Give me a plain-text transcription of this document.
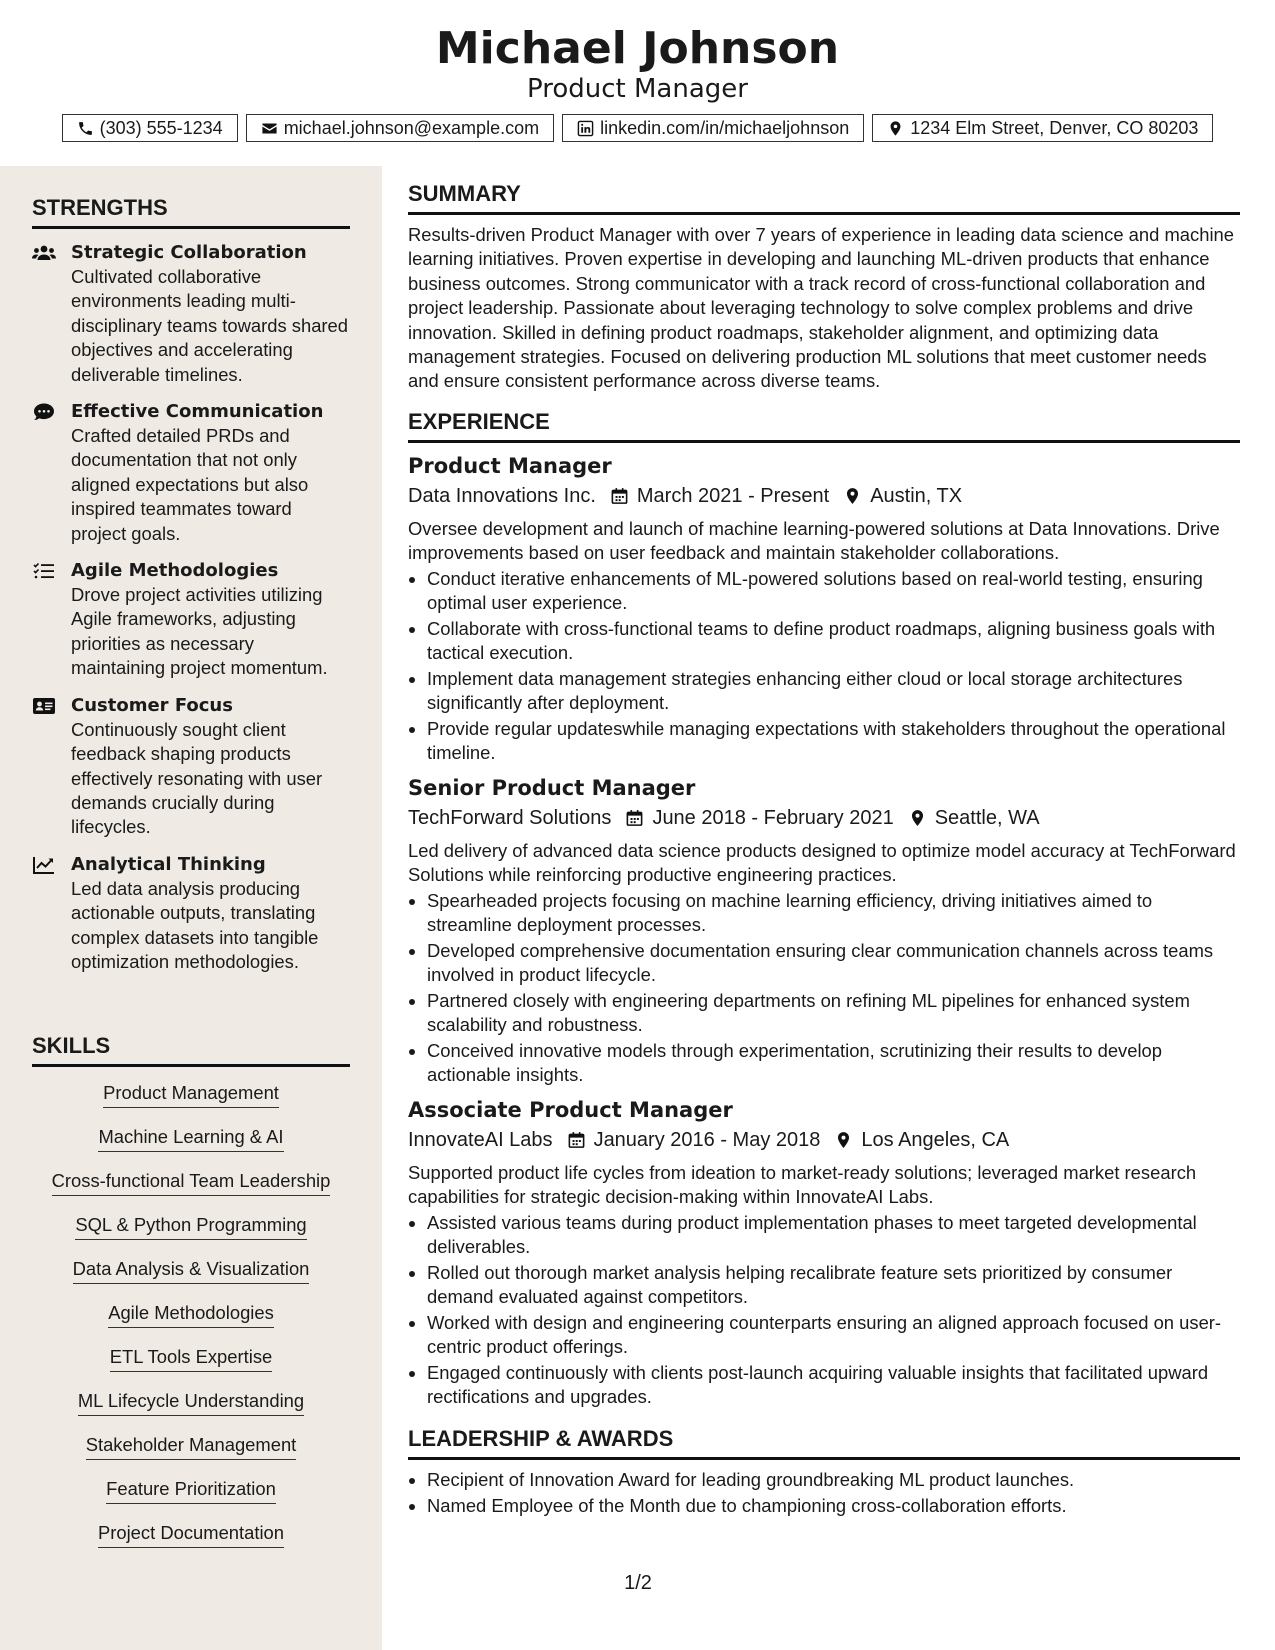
Michael Johnson
Product Manager
(303) 555-1234	michael.johnson@example.com	linkedin.com/in/michaeljohnson	1234 Elm Street, Denver, CO 80203
STRENGTHS
Strategic Collaboration
Cultivated collaborative environments leading multi-disciplinary teams towards shared objectives and accelerating deliverable timelines.
Effective Communication
Crafted detailed PRDs and documentation that not only aligned expectations but also inspired teammates toward project goals.
Agile Methodologies
Drove project activities utilizing Agile frameworks, adjusting priorities as necessary maintaining project momentum.
Customer Focus
Continuously sought client feedback shaping products effectively resonating with user demands crucially during lifecycles.
Analytical Thinking
Led data analysis producing actionable outputs, translating complex datasets into tangible optimization methodologies.
SKILLS
Product Management
Machine Learning & AI
Cross-functional Team Leadership
SQL & Python Programming
Data Analysis & Visualization
Agile Methodologies
ETL Tools Expertise
ML Lifecycle Understanding
Stakeholder Management
Feature Prioritization
Project Documentation
SUMMARY
Results-driven Product Manager with over 7 years of experience in leading data science and machine learning initiatives. Proven expertise in developing and launching ML-driven products that enhance business outcomes. Strong communicator with a track record of cross-functional collaboration and project leadership. Passionate about leveraging technology to solve complex problems and drive innovation. Skilled in defining product roadmaps, stakeholder alignment, and optimizing data management strategies. Focused on delivering production ML solutions that meet customer needs and ensure consistent performance across diverse teams.
EXPERIENCE
Product Manager
Data Innovations Inc. March 2021 - Present Austin, TX
Oversee development and launch of machine learning-powered solutions at Data Innovations. Drive improvements based on user feedback and maintain stakeholder collaborations.
• Conduct iterative enhancements of ML-powered solutions based on real-world testing, ensuring optimal user experience.
• Collaborate with cross-functional teams to define product roadmaps, aligning business goals with tactical execution.
• Implement data management strategies enhancing either cloud or local storage architectures significantly after deployment.
• Provide regular updateswhile managing expectations with stakeholders throughout the operational timeline.
Senior Product Manager
TechForward Solutions June 2018 - February 2021 Seattle, WA
Led delivery of advanced data science products designed to optimize model accuracy at TechForward Solutions while reinforcing productive engineering practices.
• Spearheaded projects focusing on machine learning efficiency, driving initiatives aimed to streamline deployment processes.
• Developed comprehensive documentation ensuring clear communication channels across teams involved in product lifecycle.
• Partnered closely with engineering departments on refining ML pipelines for enhanced system scalability and robustness.
• Conceived innovative models through experimentation, scrutinizing their results to develop actionable insights.
Associate Product Manager
InnovateAI Labs January 2016 - May 2018 Los Angeles, CA
Supported product life cycles from ideation to market-ready solutions; leveraged market research capabilities for strategic decision-making within InnovateAI Labs.
• Assisted various teams during product implementation phases to meet targeted developmental deliverables.
• Rolled out thorough market analysis helping recalibrate feature sets prioritized by consumer demand evaluated against competitors.
• Worked with design and engineering counterparts ensuring an aligned approach focused on user-centric product offerings.
• Engaged continuously with clients post-launch acquiring valuable insights that facilitated upward rectifications and upgrades.
LEADERSHIP & AWARDS
• Recipient of Innovation Award for leading groundbreaking ML product launches.
• Named Employee of the Month due to championing cross-collaboration efforts.
1/2
